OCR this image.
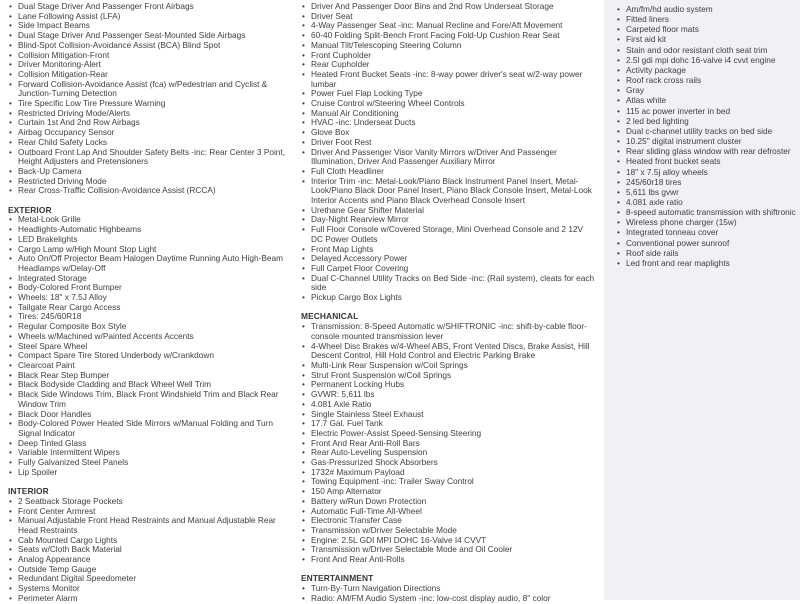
• Dual Stage Driver And Passenger Front Airbags
• Lane Following Assist (LFA)
• Side Impact Beams
• Dual Stage Driver And Passenger Seat-Mounted Side Airbags
• Blind-Spot Collision-Avoidance Assist (BCA) Blind Spot
• Collision Mitigation-Front
• Driver Monitoring-Alert
• Collision Mitigation-Rear
• Forward Collision-Avoidance Assist (fca) w/Pedestrian and Cyclist & Junction-Turning Detection
• Tire Specific Low Tire Pressure Warning
• Restricted Driving Mode/Alerts
• Curtain 1st And 2nd Row Airbags
• Airbag Occupancy Sensor
• Rear Child Safety Locks
• Outboard Front Lap And Shoulder Safety Belts -inc: Rear Center 3 Point, Height Adjusters and Pretensioners
• Back-Up Camera
• Restricted Driving Mode
• Rear Cross-Traffic Collision-Avoidance Assist (RCCA)
EXTERIOR
• Metal-Look Grille
• Headlights-Automatic Highbeams
• LED Brakelights
• Cargo Lamp w/High Mount Stop Light
• Auto On/Off Projector Beam Halogen Daytime Running Auto High-Beam Headlamps w/Delay-Off
• Integrated Storage
• Body-Colored Front Bumper
• Wheels: 18" x 7.5J Alloy
• Tailgate Rear Cargo Access
• Tires: 245/60R18
• Regular Composite Box Style
• Wheels w/Machined w/Painted Accents Accents
• Steel Spare Wheel
• Compact Spare Tire Stored Underbody w/Crankdown
• Clearcoat Paint
• Black Rear Step Bumper
• Black Bodyside Cladding and Black Wheel Well Trim
• Black Side Windows Trim, Black Front Windshield Trim and Black Rear Window Trim
• Black Door Handles
• Body-Colored Power Heated Side Mirrors w/Manual Folding and Turn Signal Indicator
• Deep Tinted Glass
• Variable Intermittent Wipers
• Fully Galvanized Steel Panels
• Lip Spoiler
INTERIOR
• 2 Seatback Storage Pockets
• Front Center Armrest
• Manual Adjustable Front Head Restraints and Manual Adjustable Rear Head Restraints
• Cab Mounted Cargo Lights
• Seats w/Cloth Back Material
• Analog Appearance
• Outside Temp Gauge
• Redundant Digital Speedometer
• Systems Monitor
• Perimeter Alarm
• Driver And Passenger Door Bins and 2nd Row Underseat Storage
• Driver Seat
• 4-Way Passenger Seat -inc: Manual Recline and Fore/Aft Movement
• 60-40 Folding Split-Bench Front Facing Fold-Up Cushion Rear Seat
• Manual Tilt/Telescoping Steering Column
• Front Cupholder
• Rear Cupholder
• Heated Front Bucket Seats -inc: 8-way power driver's seat w/2-way power lumbar
• Power Fuel Flap Locking Type
• Cruise Control w/Steering Wheel Controls
• Manual Air Conditioning
• HVAC -inc: Underseat Ducts
• Glove Box
• Driver Foot Rest
• Driver And Passenger Visor Vanity Mirrors w/Driver And Passenger Illumination, Driver And Passenger Auxiliary Mirror
• Full Cloth Headliner
• Interior Trim -inc: Metal-Look/Piano Black Instrument Panel Insert, Metal-Look/Piano Black Door Panel Insert, Piano Black Console Insert, Metal-Look Interior Accents and Piano Black Overhead Console Insert
• Urethane Gear Shifter Material
• Day-Night Rearview Mirror
• Full Floor Console w/Covered Storage, Mini Overhead Console and 2 12V DC Power Outlets
• Front Map Lights
• Delayed Accessory Power
• Full Carpet Floor Covering
• Dual C-Channel Utility Tracks on Bed Side -inc: (Rail system), cleats for each side
• Pickup Cargo Box Lights
MECHANICAL
• Transmission: 8-Speed Automatic w/SHIFTRONIC -inc: shift-by-cable floor-console mounted transmission lever
• 4-Wheel Disc Brakes w/4-Wheel ABS, Front Vented Discs, Brake Assist, Hill Descent Control, Hill Hold Control and Electric Parking Brake
• Multi-Link Rear Suspension w/Coil Springs
• Strut Front Suspension w/Coil Springs
• Permanent Locking Hubs
• GVWR: 5,611 lbs
• 4.081 Axle Ratio
• Single Stainless Steel Exhaust
• 17.7 Gal. Fuel Tank
• Electric Power-Assist Speed-Sensing Steering
• Front And Rear Anti-Roll Bars
• Rear Auto-Leveling Suspension
• Gas-Pressurized Shock Absorbers
• 1732# Maximum Payload
• Towing Equipment -inc: Trailer Sway Control
• 150 Amp Alternator
• Battery w/Run Down Protection
• Automatic Full-Time All-Wheel
• Electronic Transfer Case
• Transmission w/Driver Selectable Mode
• Engine: 2.5L GDI MPI DOHC 16-Valve I4 CVVT
• Transmission w/Driver Selectable Mode and Oil Cooler
• Front And Rear Anti-Rolls
ENTERTAINMENT
• Turn-By-Turn Navigation Directions
• Radio: AM/FM Audio System -inc: low-cost display audio, 8" color
• Am/fm/hd audio system
• Fitted liners
• Carpeted floor mats
• First aid kit
• Stain and odor resistant cloth seat trim
• 2.5l gdi mpi dohc 16-valve i4 cvvt engine
• Activity package
• Roof rack cross rails
• Gray
• Atlas white
• 115 ac power inverter in bed
• 2 led bed lighting
• Dual c-channel utility tracks on bed side
• 10.25" digital instrument cluster
• Rear sliding glass window with rear defroster
• Heated front bucket seats
• 18" x 7.5j alloy wheels
• 245/60r18 tires
• 5,611 lbs gvwr
• 4.081 axle ratio
• 8-speed automatic transmission with shiftronic
• Wireless phone charger (15w)
• Integrated tonneau cover
• Conventional power sunroof
• Roof side rails
• Led front and rear maplights
